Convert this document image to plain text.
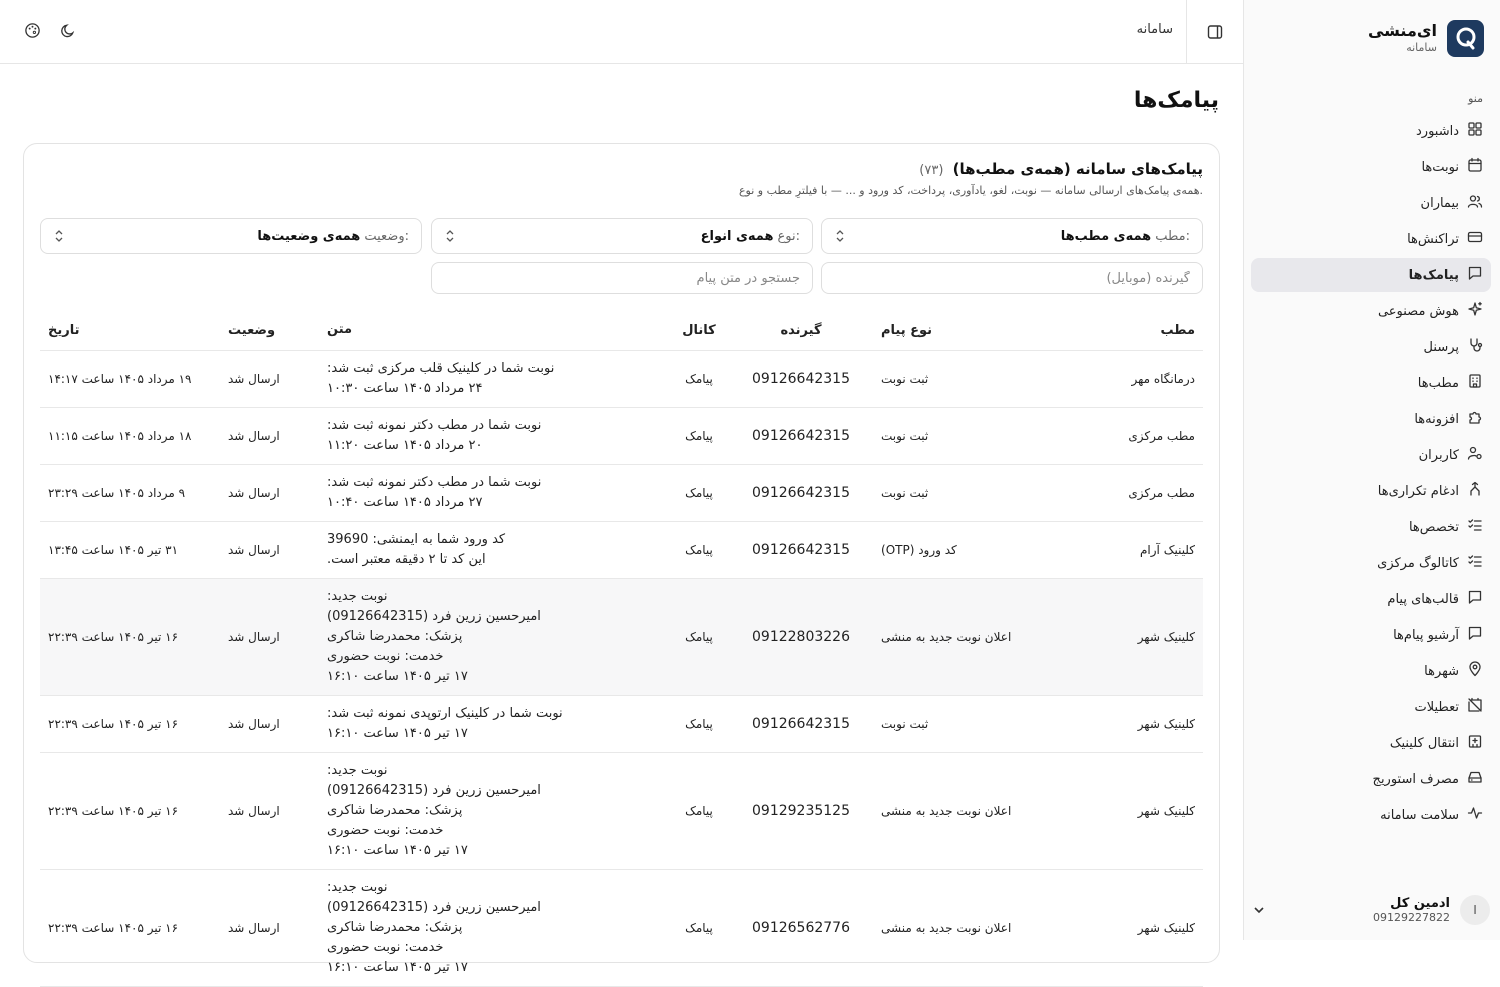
ای‌منشی
سامانه
منو
داشبورد
نوبت‌ها
بیماران
تراکنش‌ها
پیامک‌ها
هوش مصنوعی
پرسنل
مطب‌ها
افزونه‌ها
کاربران
ادغام تکراری‌ها
تخصص‌ها
کاتالوگ مرکزی
قالب‌های پیام
آرشیو پیام‌ها
شهرها
تعطیلات
انتقال کلینیک
مصرف استوریج
سلامت سامانه
ا
ادمین کل
09129227822
سامانه
پیامک‌ها
پیامک‌های سامانه (همه‌ی مطب‌ها) (۷۳)
همه‌ی پیامک‌های ارسالی سامانه — نوبت، لغو، یادآوری، پرداخت، کد ورود و ... — با فیلترِ مطب و نوع.
مطب:
همه‌ی مطب‌ها
نوع:
همه‌ی انواع
وضعیت:
همه‌ی وضعیت‌ها
گیرنده (موبایل)
جستجو در متن پیام
مطب
نوع پیام
گیرنده
کانال
متن
وضعیت
تاریخ
درمانگاه مهر
ثبت نوبت
09126642315
پیامک
نوبت شما در کلینیک قلب مرکزی ثبت شد:
۲۴ مرداد ۱۴۰۵ ساعت ۱۰:۳۰
ارسال شد
۱۹ مرداد ۱۴۰۵ ساعت ۱۴:۱۷
مطب مرکزی
ثبت نوبت
09126642315
پیامک
نوبت شما در مطب دکتر نمونه ثبت شد:
۲۰ مرداد ۱۴۰۵ ساعت ۱۱:۲۰
ارسال شد
۱۸ مرداد ۱۴۰۵ ساعت ۱۱:۱۵
مطب مرکزی
ثبت نوبت
09126642315
پیامک
نوبت شما در مطب دکتر نمونه ثبت شد:
۲۷ مرداد ۱۴۰۵ ساعت ۱۰:۴۰
ارسال شد
۹ مرداد ۱۴۰۵ ساعت ۲۳:۲۹
کلینیک آرام
کد ورود (OTP)
09126642315
پیامک
کد ورود شما به ایمنشی: 39690
این کد تا ۲ دقیقه معتبر است.
ارسال شد
۳۱ تیر ۱۴۰۵ ساعت ۱۳:۴۵
کلینیک شهر
اعلان نوبت جدید به منشی
09122803226
پیامک
نوبت جدید:
امیرحسین زرین فرد (09126642315)
پزشک: محمدرضا شاکری
خدمت: نوبت حضوری
۱۷ تیر ۱۴۰۵ ساعت ۱۶:۱۰
ارسال شد
۱۶ تیر ۱۴۰۵ ساعت ۲۲:۳۹
کلینیک شهر
ثبت نوبت
09126642315
پیامک
نوبت شما در کلینیک ارتوپدی نمونه ثبت شد:
۱۷ تیر ۱۴۰۵ ساعت ۱۶:۱۰
ارسال شد
۱۶ تیر ۱۴۰۵ ساعت ۲۲:۳۹
کلینیک شهر
اعلان نوبت جدید به منشی
09129235125
پیامک
نوبت جدید:
امیرحسین زرین فرد (09126642315)
پزشک: محمدرضا شاکری
خدمت: نوبت حضوری
۱۷ تیر ۱۴۰۵ ساعت ۱۶:۱۰
ارسال شد
۱۶ تیر ۱۴۰۵ ساعت ۲۲:۳۹
کلینیک شهر
اعلان نوبت جدید به منشی
09126562776
پیامک
نوبت جدید:
امیرحسین زرین فرد (09126642315)
پزشک: محمدرضا شاکری
خدمت: نوبت حضوری
۱۷ تیر ۱۴۰۵ ساعت ۱۶:۱۰
ارسال شد
۱۶ تیر ۱۴۰۵ ساعت ۲۲:۳۹
